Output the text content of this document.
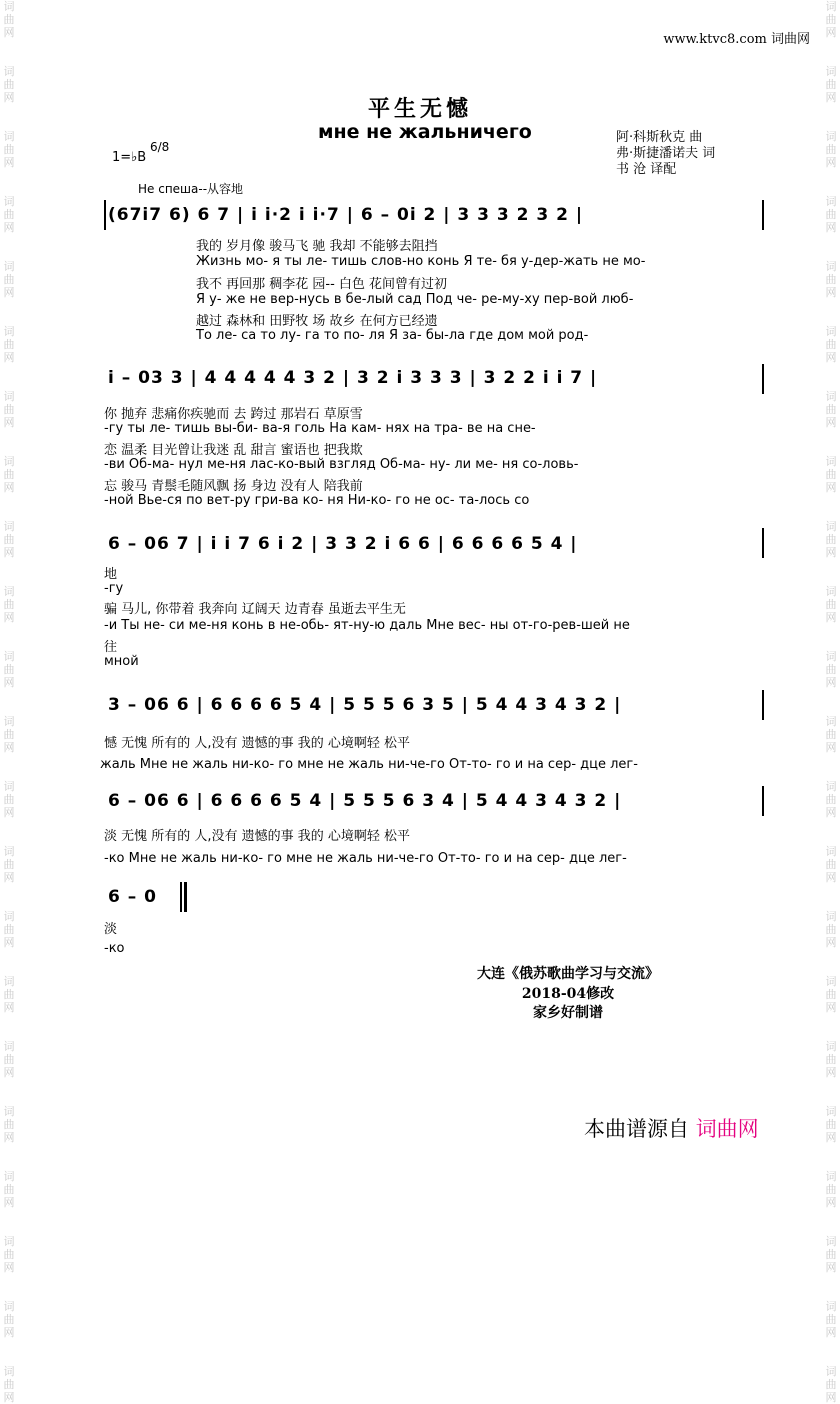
词
曲
网
词
曲
网
词
曲
网
词
曲
网
词
曲
网
词
曲
网
词
曲
网
词
曲
网
词
曲
网
词
曲
网
词
曲
网
词
曲
网
词
曲
网
词
曲
网
词
曲
网
词
曲
网
词
曲
网
词
曲
网
词
曲
网
词
曲
网
词
曲
网
词
曲
网
词
曲
网
词
曲
网
词
曲
网
词
曲
网
词
曲
网
词
曲
网
词
曲
网
词
曲
网
词
曲
网
词
曲
网
词
曲
网
词
曲
网
词
曲
网
词
曲
网
词
曲
网
词
曲
网
词
曲
网
词
曲
网
词
曲
网
词
曲
网
词
曲
网
词
曲
网
www.ktvc8.com 词曲网
平生无憾
мне не жальничего	阿·科斯秋克 曲
弗·斯捷潘诺夫 词
书 沧 译配
1=♭B
6/8
Не спеша--从容地
(67i7 6) 6 7 | i i·2 i i·7 | 6 – 0i 2 | 3 3 3 2 3 2 |
我的 岁月像 骏马飞 驰 我却 不能够去阻挡
Жизнь мо- я ты ле- тишь слов-но конь Я те- бя у-дер-жать не мо-
我不 再回那 稠李花 园-- 白色 花间曾有过初
Я у- же не вер-нусь в бе-лый сад Под че- ре-му-ху пер-вой люб-
越过 森林和 田野牧 场 故乡 在何方已经遗
То ле- са то лу- га то по- ля Я за- бы-ла где дом мой род-
i – 03 3 | 4 4 4 4 4 3 2 | 3 2 i 3 3 3 | 3 2 2 i i 7 |
你 抛弃 悲痛你疾驰而 去 跨过 那岩石 草原雪
-гу ты ле- тишь вы-би- ва-я голь На кам- нях на тра- ве на сне-
恋 温柔 目光曾让我迷 乱 甜言 蜜语也 把我欺
-ви Об-ма- нул ме-ня лас-ко-вый взгляд Об-ма- ну- ли ме- ня со-ловь-
忘 骏马 青鬃毛随风飘 扬 身边 没有人 陪我前
-ной Вье-ся по вет-ру гри-ва ко- ня Ни-ко- го не ос- та-лось со
6 – 06 7 | i i 7 6 i 2 | 3 3 2 i 6 6 | 6 6 6 6 5 4 |
地
-гу
骗 马儿, 你带着 我奔向 辽阔天 边青春 虽逝去平生无
-и Ты не- си ме-ня конь в не-обь- ят-ну-ю даль Мне вес- ны от-го-рев-шей не
往
мной
3 – 06 6 | 6 6 6 6 5 4 | 5 5 5 6 3 5 | 5 4 4 3 4 3 2 |
憾 无愧 所有的 人,没有 遗憾的事 我的 心境啊轻 松平
жаль Мне не жаль ни-ко- го мне не жаль ни-че-го От-то- го и на сер- дце лег-
6 – 06 6 | 6 6 6 6 5 4 | 5 5 5 6 3 4 | 5 4 4 3 4 3 2 |
淡 无愧 所有的 人,没有 遗憾的事 我的 心境啊轻 松平
-ко Мне не жаль ни-ко- го мне не жаль ни-че-го От-то- го и на сер- дце лег-
6 – 0
淡
-ко
大连《俄苏歌曲学习与交流》
2018-04修改
家乡好制谱
本曲谱源自 词曲网
